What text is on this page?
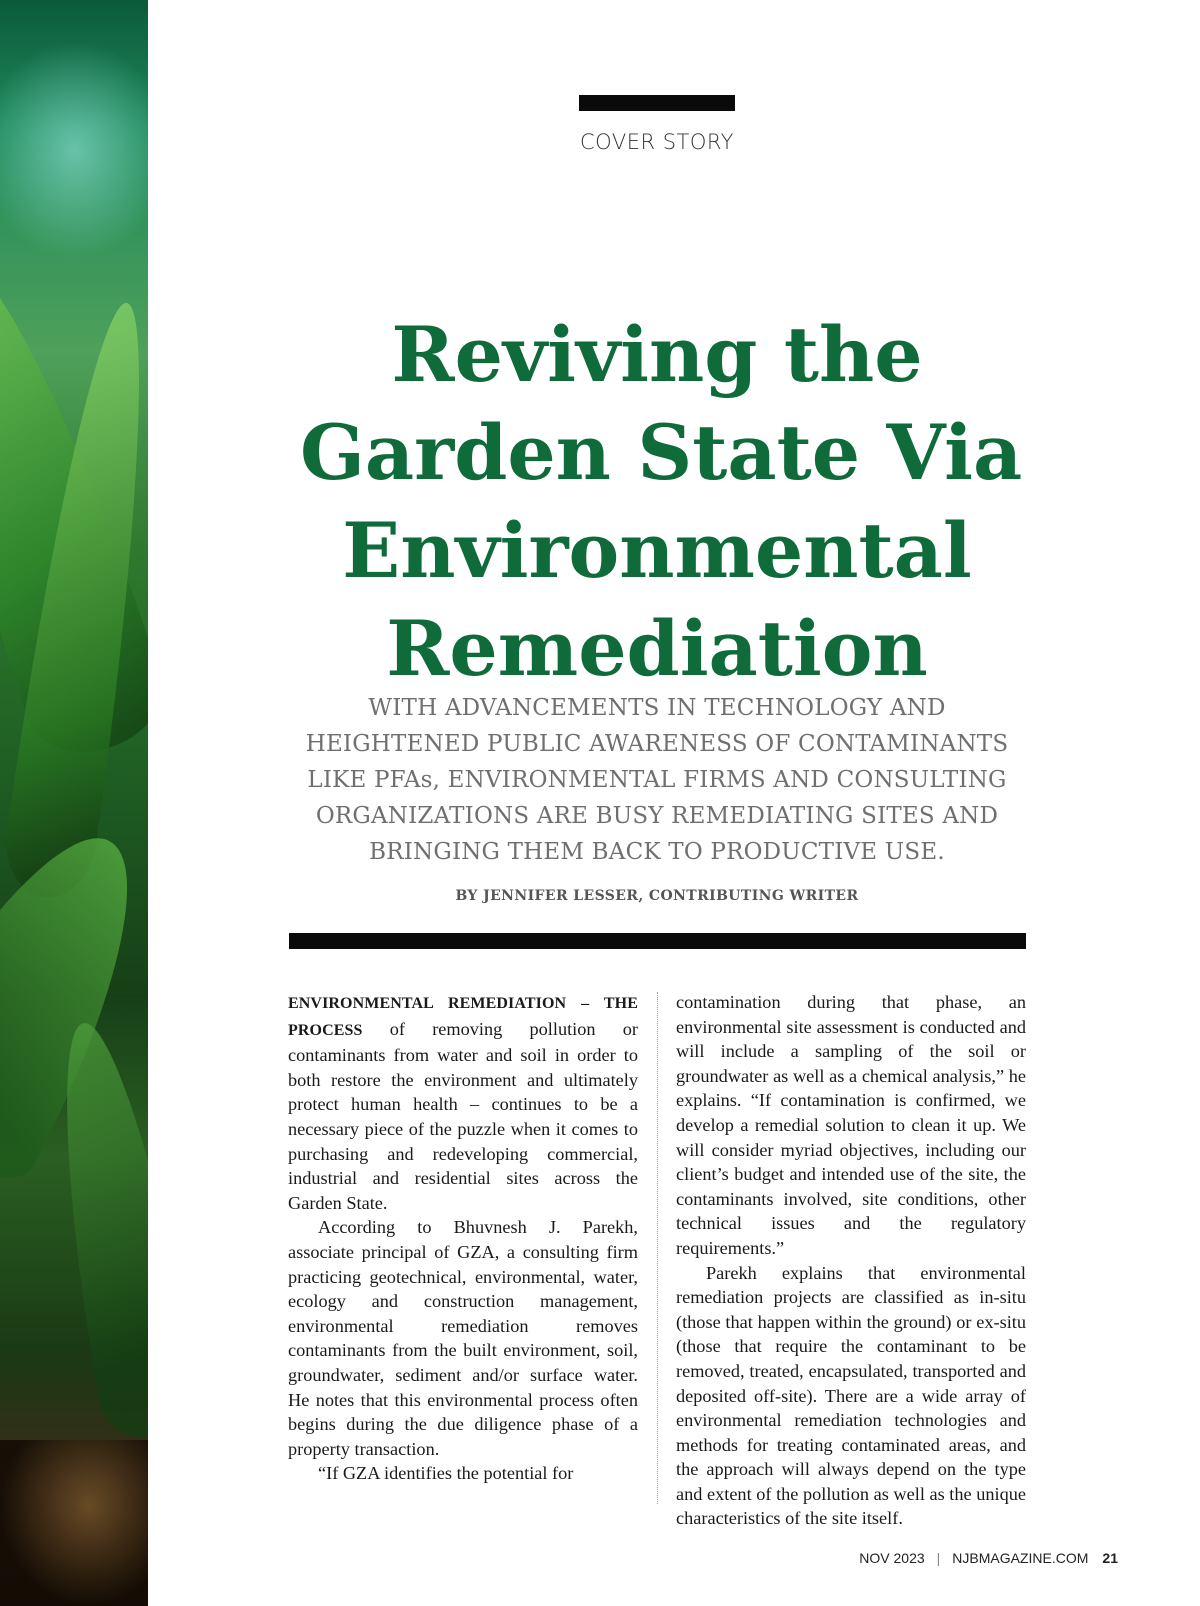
COVER STORY
Reviving the
Garden State Via
Environmental
Remediation
WITH ADVANCEMENTS IN TECHNOLOGY AND
HEIGHTENED PUBLIC AWARENESS OF CONTAMINANTS
LIKE PFAs, ENVIRONMENTAL FIRMS AND CONSULTING
ORGANIZATIONS ARE BUSY REMEDIATING SITES AND
BRINGING THEM BACK TO PRODUCTIVE USE.
BY JENNIFER LESSER, CONTRIBUTING WRITER

ENVIRONMENTAL REMEDIATION – THE PROCESS of removing pollution or contaminants from water and soil in order to both restore the environment and ultimately protect human health – continues to be a necessary piece of the puzzle when it comes to purchasing and redeveloping commercial, industrial and residential sites across the Garden State.

According to Bhuvnesh J. Parekh, associate principal of GZA, a consulting firm practicing geotechnical, environmental, water, ecology and construction management, environmental remediation removes contaminants from the built environment, soil, groundwater, sediment and/or surface water. He notes that this environmental process often begins during the due diligence phase of a property transaction.

“If GZA identifies the potential for

contamination during that phase, an environmental site assessment is conducted and will include a sampling of the soil or groundwater as well as a chemical analysis,” he explains. “If contamination is confirmed, we develop a remedial solution to clean it up. We will consider myriad objectives, including our client’s budget and intended use of the site, the contaminants involved, site conditions, other technical issues and the regulatory requirements.”

Parekh explains that environmental remediation projects are classified as in-situ (those that happen within the ground) or ex-situ (those that require the contaminant to be removed, treated, encapsulated, transported and deposited off-site). There are a wide array of environmental remediation technologies and methods for treating contaminated areas, and the approach will always depend on the type and extent of the pollution as well as the unique characteristics of the site itself.

NOV 2023 | NJBMAGAZINE.COM 21
